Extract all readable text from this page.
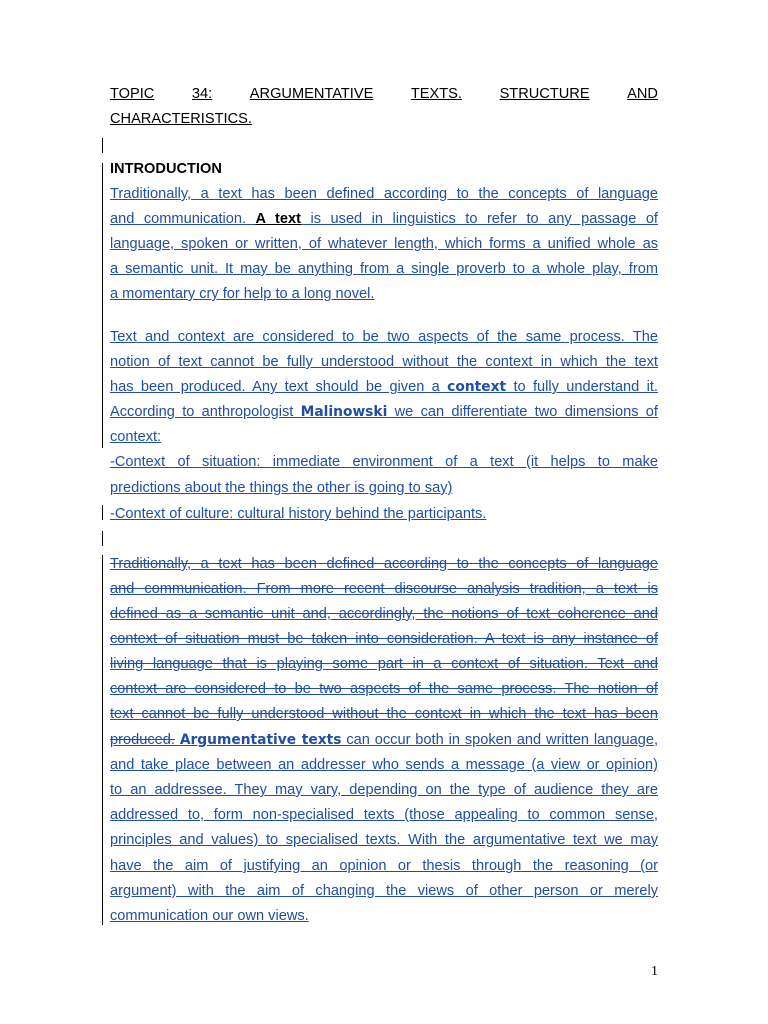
TOPIC	34:	ARGUMENTATIVE	TEXTS.	STRUCTURE	AND
CHARACTERISTICS.
INTRODUCTION
Traditionally, a text has been defined according to the concepts of language
and communication. A text is used in linguistics to refer to any passage of
language, spoken or written, of whatever length, which forms a unified whole as
a semantic unit. It may be anything from a single proverb to a whole play, from
a momentary cry for help to a long novel.
Text and context are considered to be two aspects of the same process. The
notion of text cannot be fully understood without the context in which the text
has been produced. Any text should be given a context to fully understand it.
According to anthropologist Malinowski we can differentiate two dimensions of
context:
-Context of situation: immediate environment of a text (it helps to make
predictions about the things the other is going to say)
-Context of culture: cultural history behind the participants.
Traditionally, a text has been defined according to the concepts of language
and communication. From more recent discourse analysis tradition, a text is
defined as a semantic unit and, accordingly, the notions of text coherence and
context of situation must be taken into consideration. A text is any instance of
living language that is playing some part in a context of situation. Text and
context are considered to be two aspects of the same process. The notion of
text cannot be fully understood without the context in which the text has been
produced. Argumentative texts can occur both in spoken and written language,
and take place between an addresser who sends a message (a view or opinion)
to an addressee. They may vary, depending on the type of audience they are
addressed to, form non-specialised texts (those appealing to common sense,
principles and values) to specialised texts. With the argumentative text we may
have the aim of justifying an opinion or thesis through the reasoning (or
argument) with the aim of changing the views of other person or merely
communication our own views.
1
